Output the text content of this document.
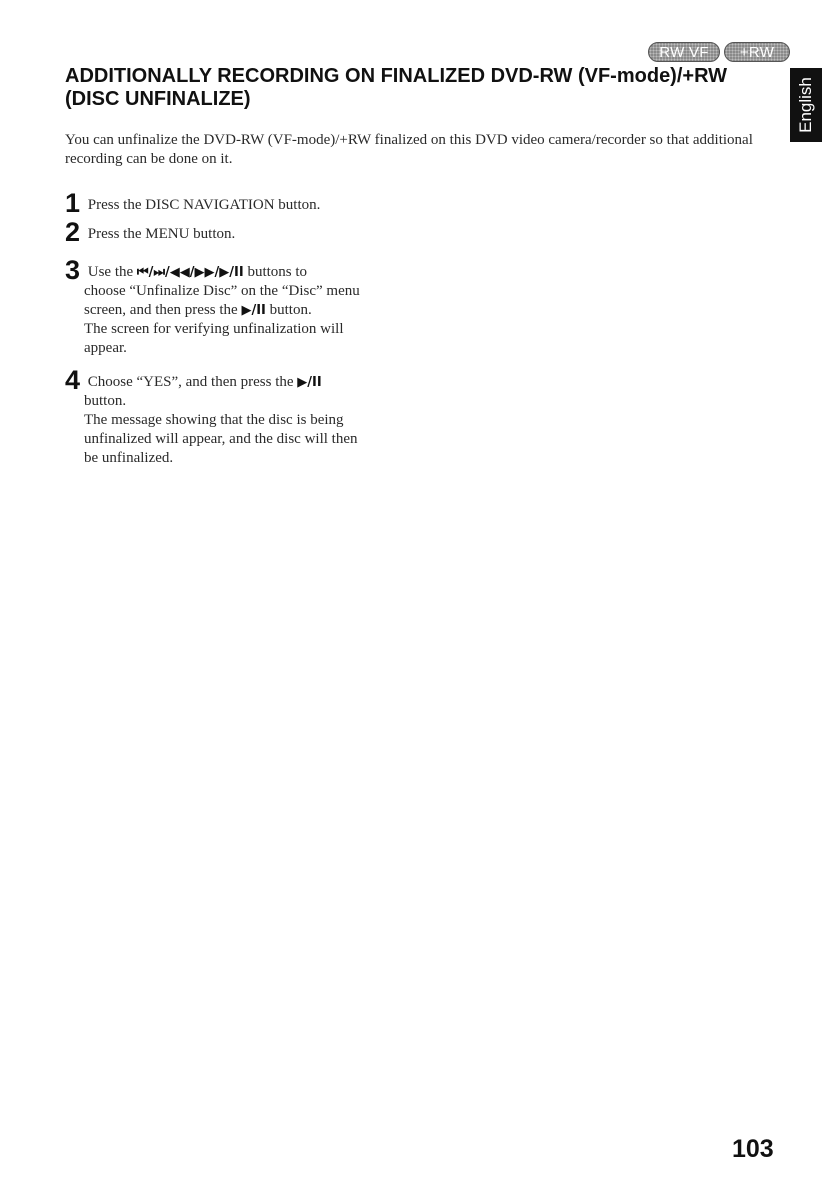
RW VF	+RW
English
ADDITIONALLY RECORDING ON FINALIZED DVD-RW (VF-mode)/+RW
(DISC UNFINALIZE)

You can unfinalize the DVD-RW (VF-mode)/+RW finalized on this DVD video camera/recorder so that additional recording can be done on it.

1 Press the DISC NAVIGATION button.
2 Press the MENU button.
3 Use the ⏮/⏭/◀◀/▶▶/▶/II buttons to
choose “Unfinalize Disc” on the “Disc” menu
screen, and then press the ▶/II button.
The screen for verifying unfinalization will
appear.
4 Choose “YES”, and then press the ▶/II
button.
The message showing that the disc is being
unfinalized will appear, and the disc will then
be unfinalized.
103
